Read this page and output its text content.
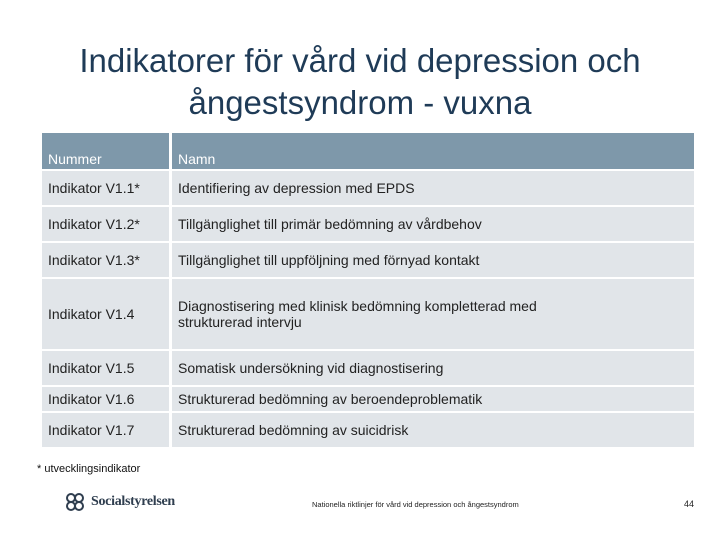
Indikatorer för vård vid depression och
ångestsyndrom - vuxna
Nummer	Namn
Indikator V1.1*	Identifiering av depression med EPDS
Indikator V1.2*	Tillgänglighet till primär bedömning av vårdbehov
Indikator V1.3*	Tillgänglighet till uppföljning med förnyad kontakt
Indikator V1.4	Diagnostisering med klinisk bedömning kompletterad med
strukturerad intervju

Indikator V1.5	Somatisk undersökning vid diagnostisering
Indikator V1.6	Strukturerad bedömning av beroendeproblematik
Indikator V1.7	Strukturerad bedömning av suicidrisk
* utvecklingsindikator
Socialstyrelsen	Nationella riktlinjer för vård vid depression och ångestsyndrom	44
